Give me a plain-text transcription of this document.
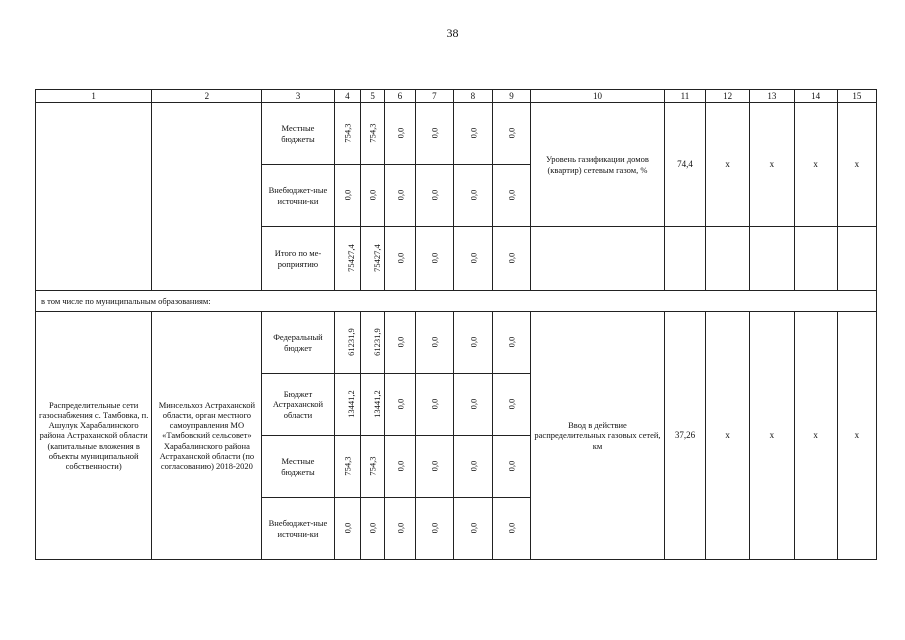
38
1	2	3	4	5	6	7	8	9	10	11	12	13	14	15
		Местные бюджеты	754,3	754,3	0,0	0,0	0,0	0,0	Уровень газификации домов (квартир) сетевым газом, %	74,4	х	х	х	х
		Внебюджет-ные источни-ки	0,0	0,0	0,0	0,0	0,0	0,0						
		Итого по ме-роприятию	75427,4	75427,4	0,0	0,0	0,0	0,0						
в том числе по муниципальным образованиям:														
Распределительные сети газоснабжения с. Тамбовка, п. Ашулук Харабалинского района Астраханской области (капитальные вложения в объекты муниципальной собственности)	Минсельхоз Астраханской области, орган местного самоуправления МО «Тамбовский сельсовет» Харабалинского района Астраханской области (по согласованию) 2018-2020	Федеральный бюджет	61231,9	61231,9	0,0	0,0	0,0	0,0	Ввод в действие распределительных газовых сетей, км	37,26	х	х	х	х
		Бюджет Астраханской области	13441,2	13441,2	0,0	0,0	0,0	0,0						
		Местные бюджеты	754,3	754,3	0,0	0,0	0,0	0,0						
		Внебюджет-ные источни-ки	0,0	0,0	0,0	0,0	0,0	0,0						
